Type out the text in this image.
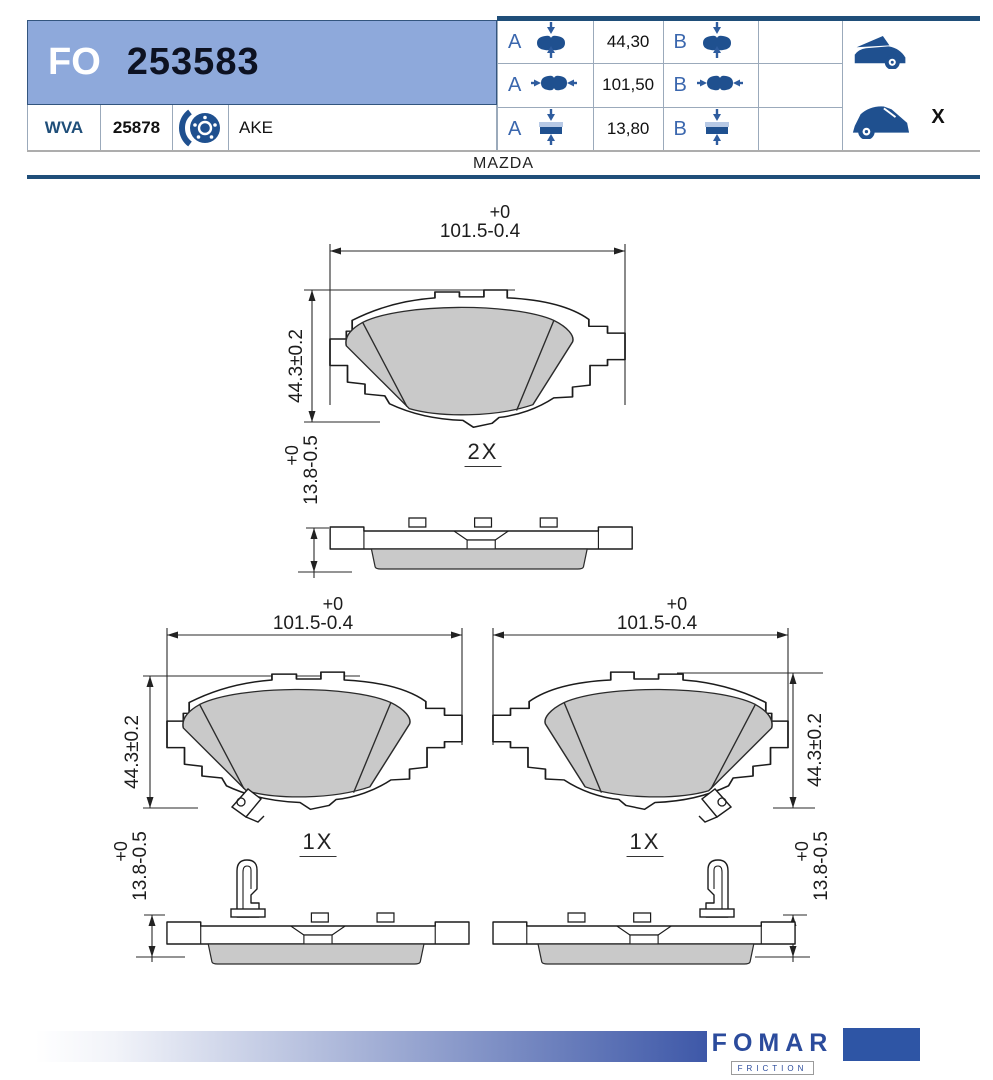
FO 253583
WVA	25878	AKE
A	44,30	B
A	101,50 B
A	13,80	B
X
MAZDA
+0
101.5-0.4
44.3±0.2
2X
+0 13.8-0.5
+0
101.5-0.4
44.3±0.2
1X
+0 13.8-0.5
+0
101.5-0.4
44.3±0.2
1X	+0 13.8-0.5
FOMAR
FRICTION
